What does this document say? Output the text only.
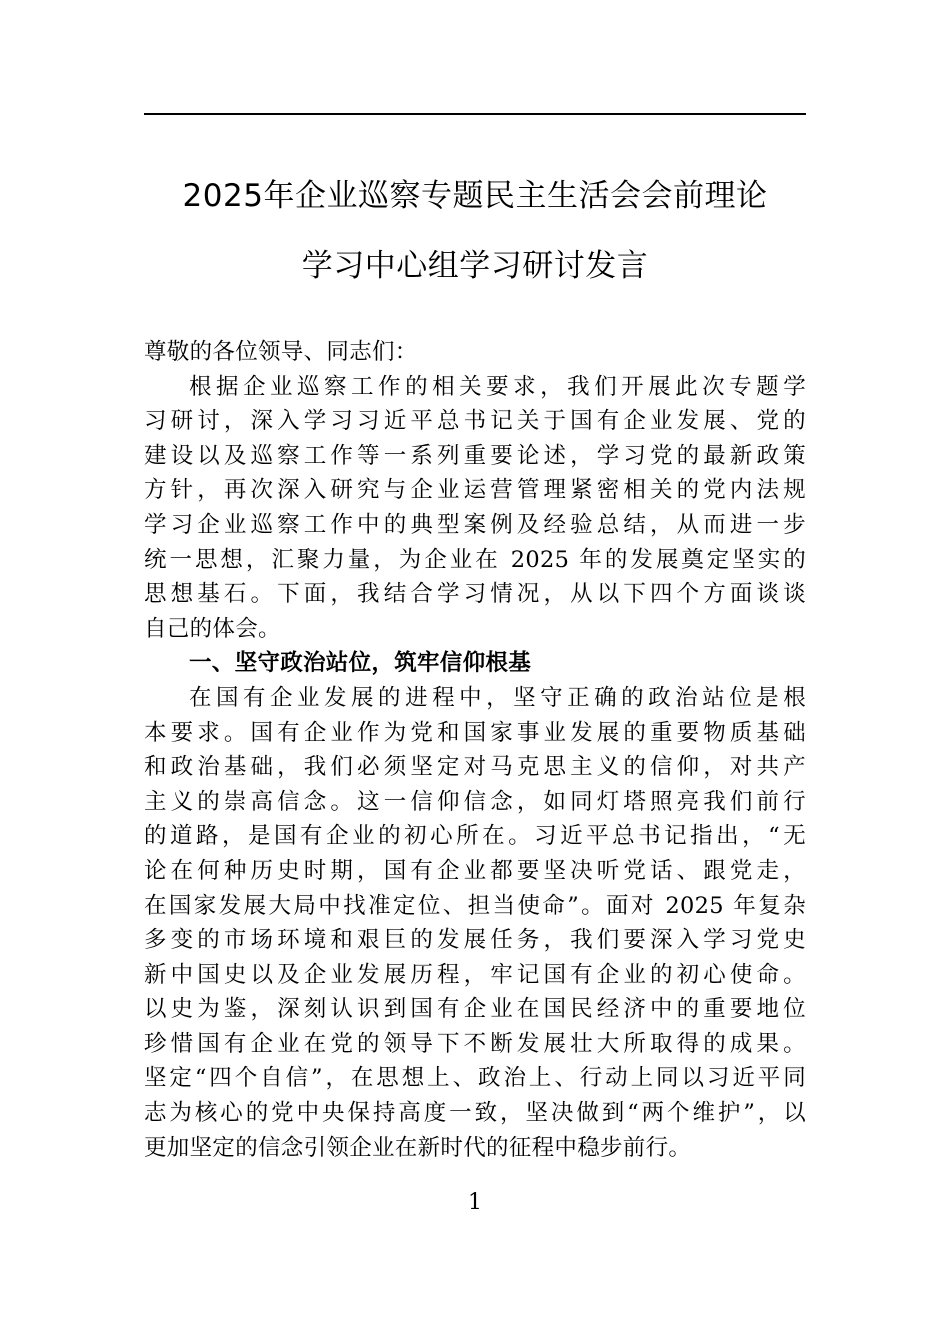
2025年企业巡察专题民主生活会会前理论
学习中心组学习研讨发言
尊敬的各位领导、同志们：
根据企业巡察工作的相关要求，我们开展此次专题学
习研讨，深入学习习近平总书记关于国有企业发展、党的
建设以及巡察工作等一系列重要论述，学习党的最新政策
方针，再次深入研究与企业运营管理紧密相关的党内法规
学习企业巡察工作中的典型案例及经验总结，从而进一步
统一思想，汇聚力量，为企业在 2025 年的发展奠定坚实的
思想基石。下面，我结合学习情况，从以下四个方面谈谈
自己的体会。
一、坚守政治站位，筑牢信仰根基
在国有企业发展的进程中，坚守正确的政治站位是根
本要求。国有企业作为党和国家事业发展的重要物质基础
和政治基础，我们必须坚定对马克思主义的信仰，对共产
主义的崇高信念。这一信仰信念，如同灯塔照亮我们前行
的道路，是国有企业的初心所在。习近平总书记指出，“无
论在何种历史时期，国有企业都要坚决听党话、跟党走，
在国家发展大局中找准定位、担当使命”。面对 2025 年复杂
多变的市场环境和艰巨的发展任务，我们要深入学习党史
新中国史以及企业发展历程，牢记国有企业的初心使命。
以史为鉴，深刻认识到国有企业在国民经济中的重要地位
珍惜国有企业在党的领导下不断发展壮大所取得的成果。
坚定“四个自信”，在思想上、政治上、行动上同以习近平同
志为核心的党中央保持高度一致，坚决做到“两个维护”，以
更加坚定的信念引领企业在新时代的征程中稳步前行。
1
